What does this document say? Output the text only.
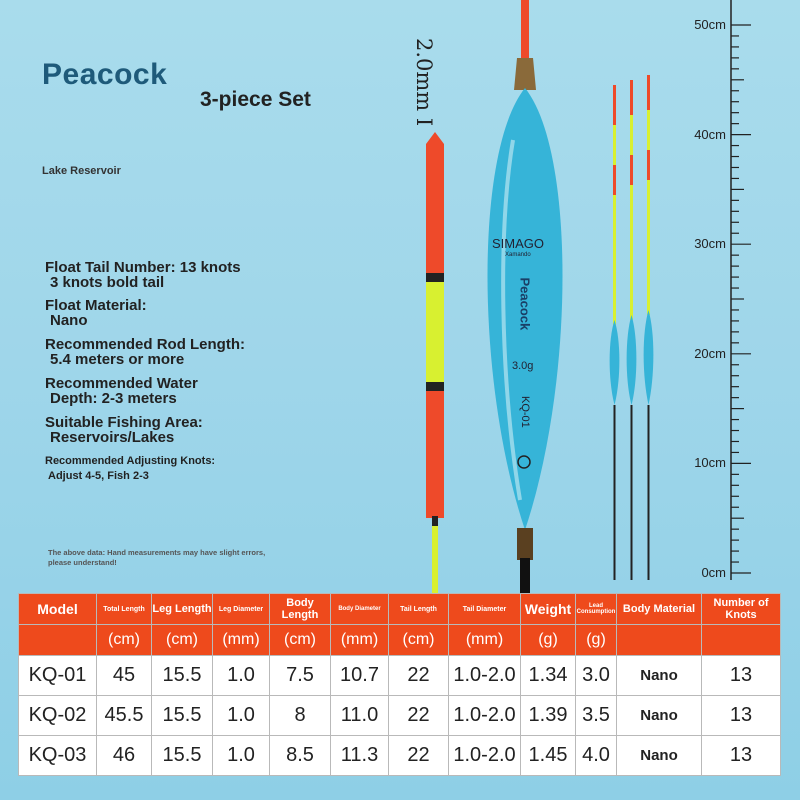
Peacock
3-piece Set
Lake Reservoir
Float Tail Number: 13 knots
3 knots bold tail
Float Material:
Nano
Recommended Rod Length:
5.4 meters or more
Recommended Water
Depth: 2-3 meters
Suitable Fishing Area:
Reservoirs/Lakes
Recommended Adjusting Knots:
Adjust 4-5, Fish 2-3
The above data: Hand measurements may have slight errors, please understand!
2.0mm I
SIMAGO
Xamando
Peacock
3.0g
KQ-01
50cm
40cm
30cm
20cm
10cm
0cm
Model	Total Length	Leg Length	Leg Diameter	Body Length	Body Diameter	Tail Length	Tail Diameter	Weight	Lead Consumption	Body Material	Number of Knots
	(cm)	(cm)	(mm)	(cm)	(mm)	(cm)	(mm)	(g)	(g)		
KQ-01	45	15.5	1.0	7.5	10.7	22	1.0-2.0	1.34	3.0	Nano	13
KQ-02	45.5	15.5	1.0	8	11.0	22	1.0-2.0	1.39	3.5	Nano	13
KQ-03	46	15.5	1.0	8.5	11.3	22	1.0-2.0	1.45	4.0	Nano	13
